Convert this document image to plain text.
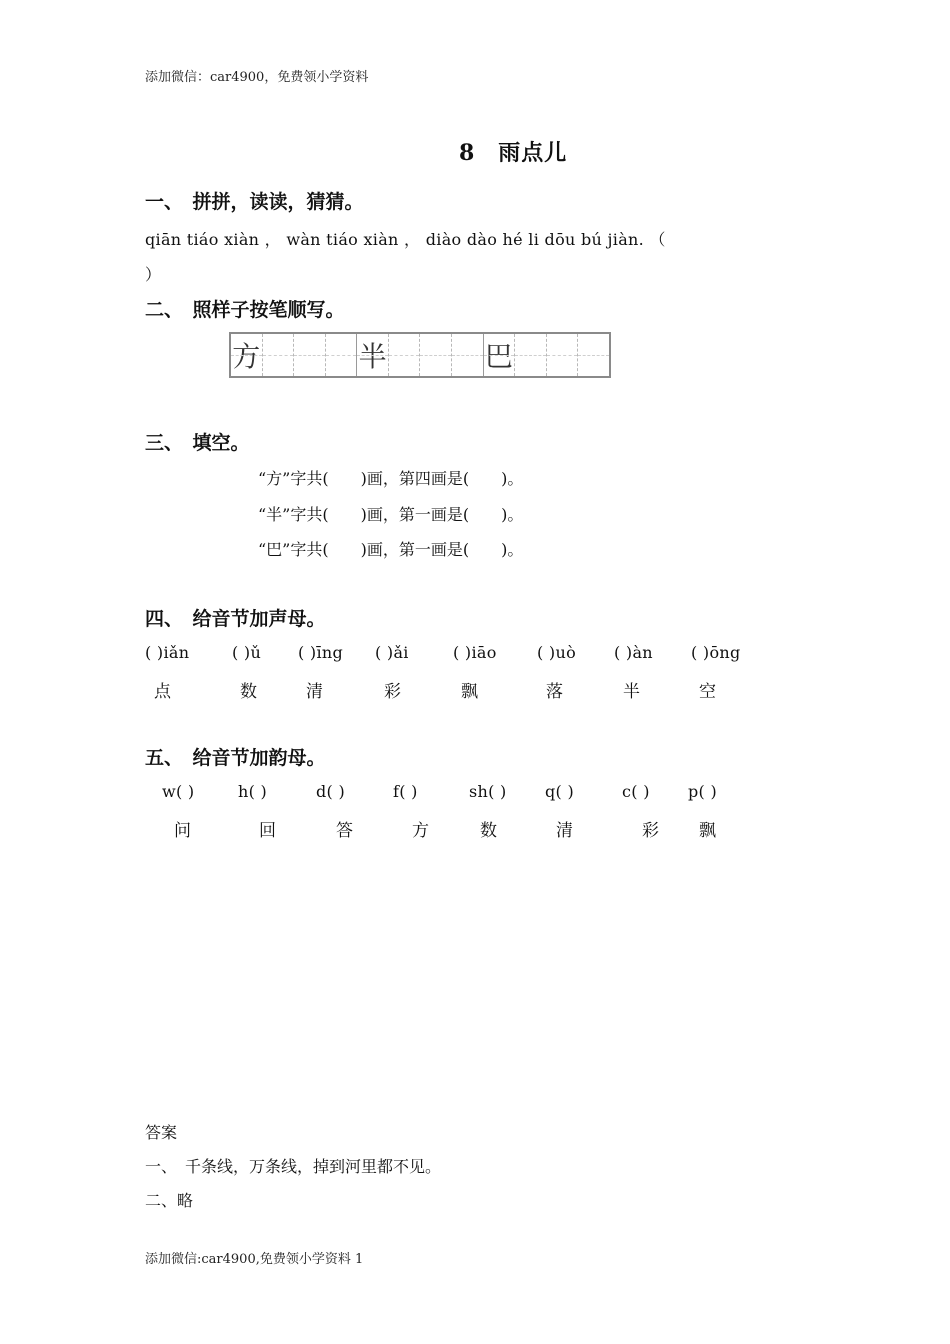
添加微信：car4900，免费领小学资料
8　雨点儿
一、　拼拼，读读，猜猜。
qiān tiáo xiàn ， wàn tiáo xiàn ， diào dào hé li dōu bú jiàn. （
）
二、　照样子按笔顺写。
方	半	巴
三、　填空。
“方”字共(　　)画，第四画是(　　)。
“半”字共(　　)画，第一画是(　　)。
“巴”字共(　　)画，第一画是(　　)。
四、　给音节加声母。
( )iǎn	( )ǔ ( )īng ( )ǎi	( )iāo	( )uò ( )àn ( )ōng
点	数	清	彩	飘	落	半	空
五、　给音节加韵母。
w( )	h( )	d( )	f( )	sh( ) q( )	c( ) p( )
问	回	答	方	数	清	彩 飘
答案
一、　千条线，万条线，掉到河里都不见。
二、略
添加微信:car4900,免费领小学资料 1
